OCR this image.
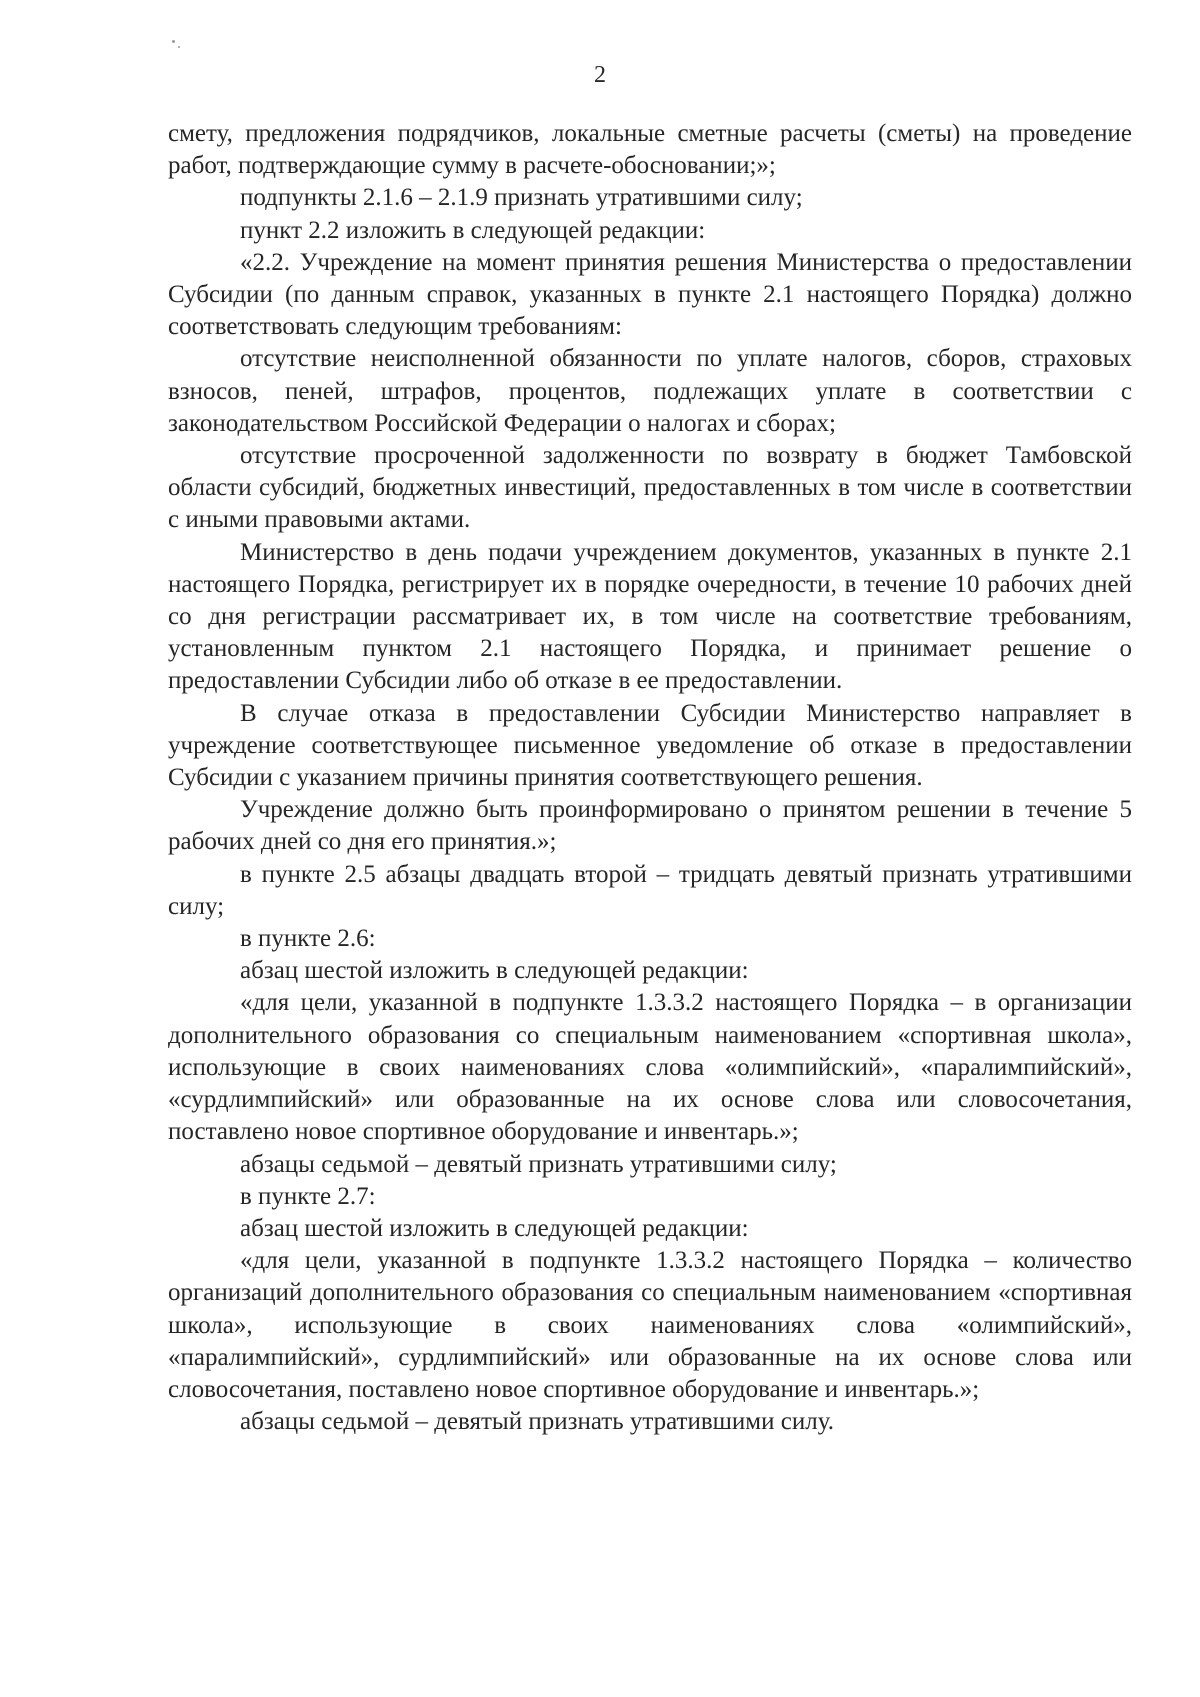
2

смету, предложения подрядчиков, локальные сметные расчеты (сметы) на проведение работ, подтверждающие сумму в расчете-обосновании;»;

подпункты 2.1.6 – 2.1.9 признать утратившими силу;

пункт 2.2 изложить в следующей редакции:

«2.2. Учреждение на момент принятия решения Министерства о предоставлении Субсидии (по данным справок, указанных в пункте 2.1 настоящего Порядка) должно соответствовать следующим требованиям:

отсутствие неисполненной обязанности по уплате налогов, сборов, страховых взносов, пеней, штрафов, процентов, подлежащих уплате в соответствии с законодательством Российской Федерации о налогах и сборах;

отсутствие просроченной задолженности по возврату в бюджет Тамбовской области субсидий, бюджетных инвестиций, предоставленных в том числе в соответствии с иными правовыми актами.

Министерство в день подачи учреждением документов, указанных в пункте 2.1 настоящего Порядка, регистрирует их в порядке очередности, в течение 10 рабочих дней со дня регистрации рассматривает их, в том числе на соответствие требованиям, установленным пунктом 2.1 настоящего Порядка, и принимает решение о предоставлении Субсидии либо об отказе в ее предоставлении.

В случае отказа в предоставлении Субсидии Министерство направляет в учреждение соответствующее письменное уведомление об отказе в предоставлении Субсидии с указанием причины принятия соответствующего решения.

Учреждение должно быть проинформировано о принятом решении в течение 5 рабочих дней со дня его принятия.»;

в пункте 2.5 абзацы двадцать второй – тридцать девятый признать утратившими силу;

в пункте 2.6:

абзац шестой изложить в следующей редакции:

«для цели, указанной в подпункте 1.3.3.2 настоящего Порядка – в организации дополнительного образования со специальным наименованием «спортивная школа», использующие в своих наименованиях слова «олимпийский», «паралимпийский», «сурдлимпийский» или образованные на их основе слова или словосочетания, поставлено новое спортивное оборудование и инвентарь.»;

абзацы седьмой – девятый признать утратившими силу;

в пункте 2.7:

абзац шестой изложить в следующей редакции:

«для цели, указанной в подпункте 1.3.3.2 настоящего Порядка – количество организаций дополнительного образования со специальным наименованием «спортивная школа», использующие в своих наименованиях слова «олимпийский», «паралимпийский», сурдлимпийский» или образованные на их основе слова или словосочетания, поставлено новое спортивное оборудование и инвентарь.»;

абзацы седьмой – девятый признать утратившими силу.
